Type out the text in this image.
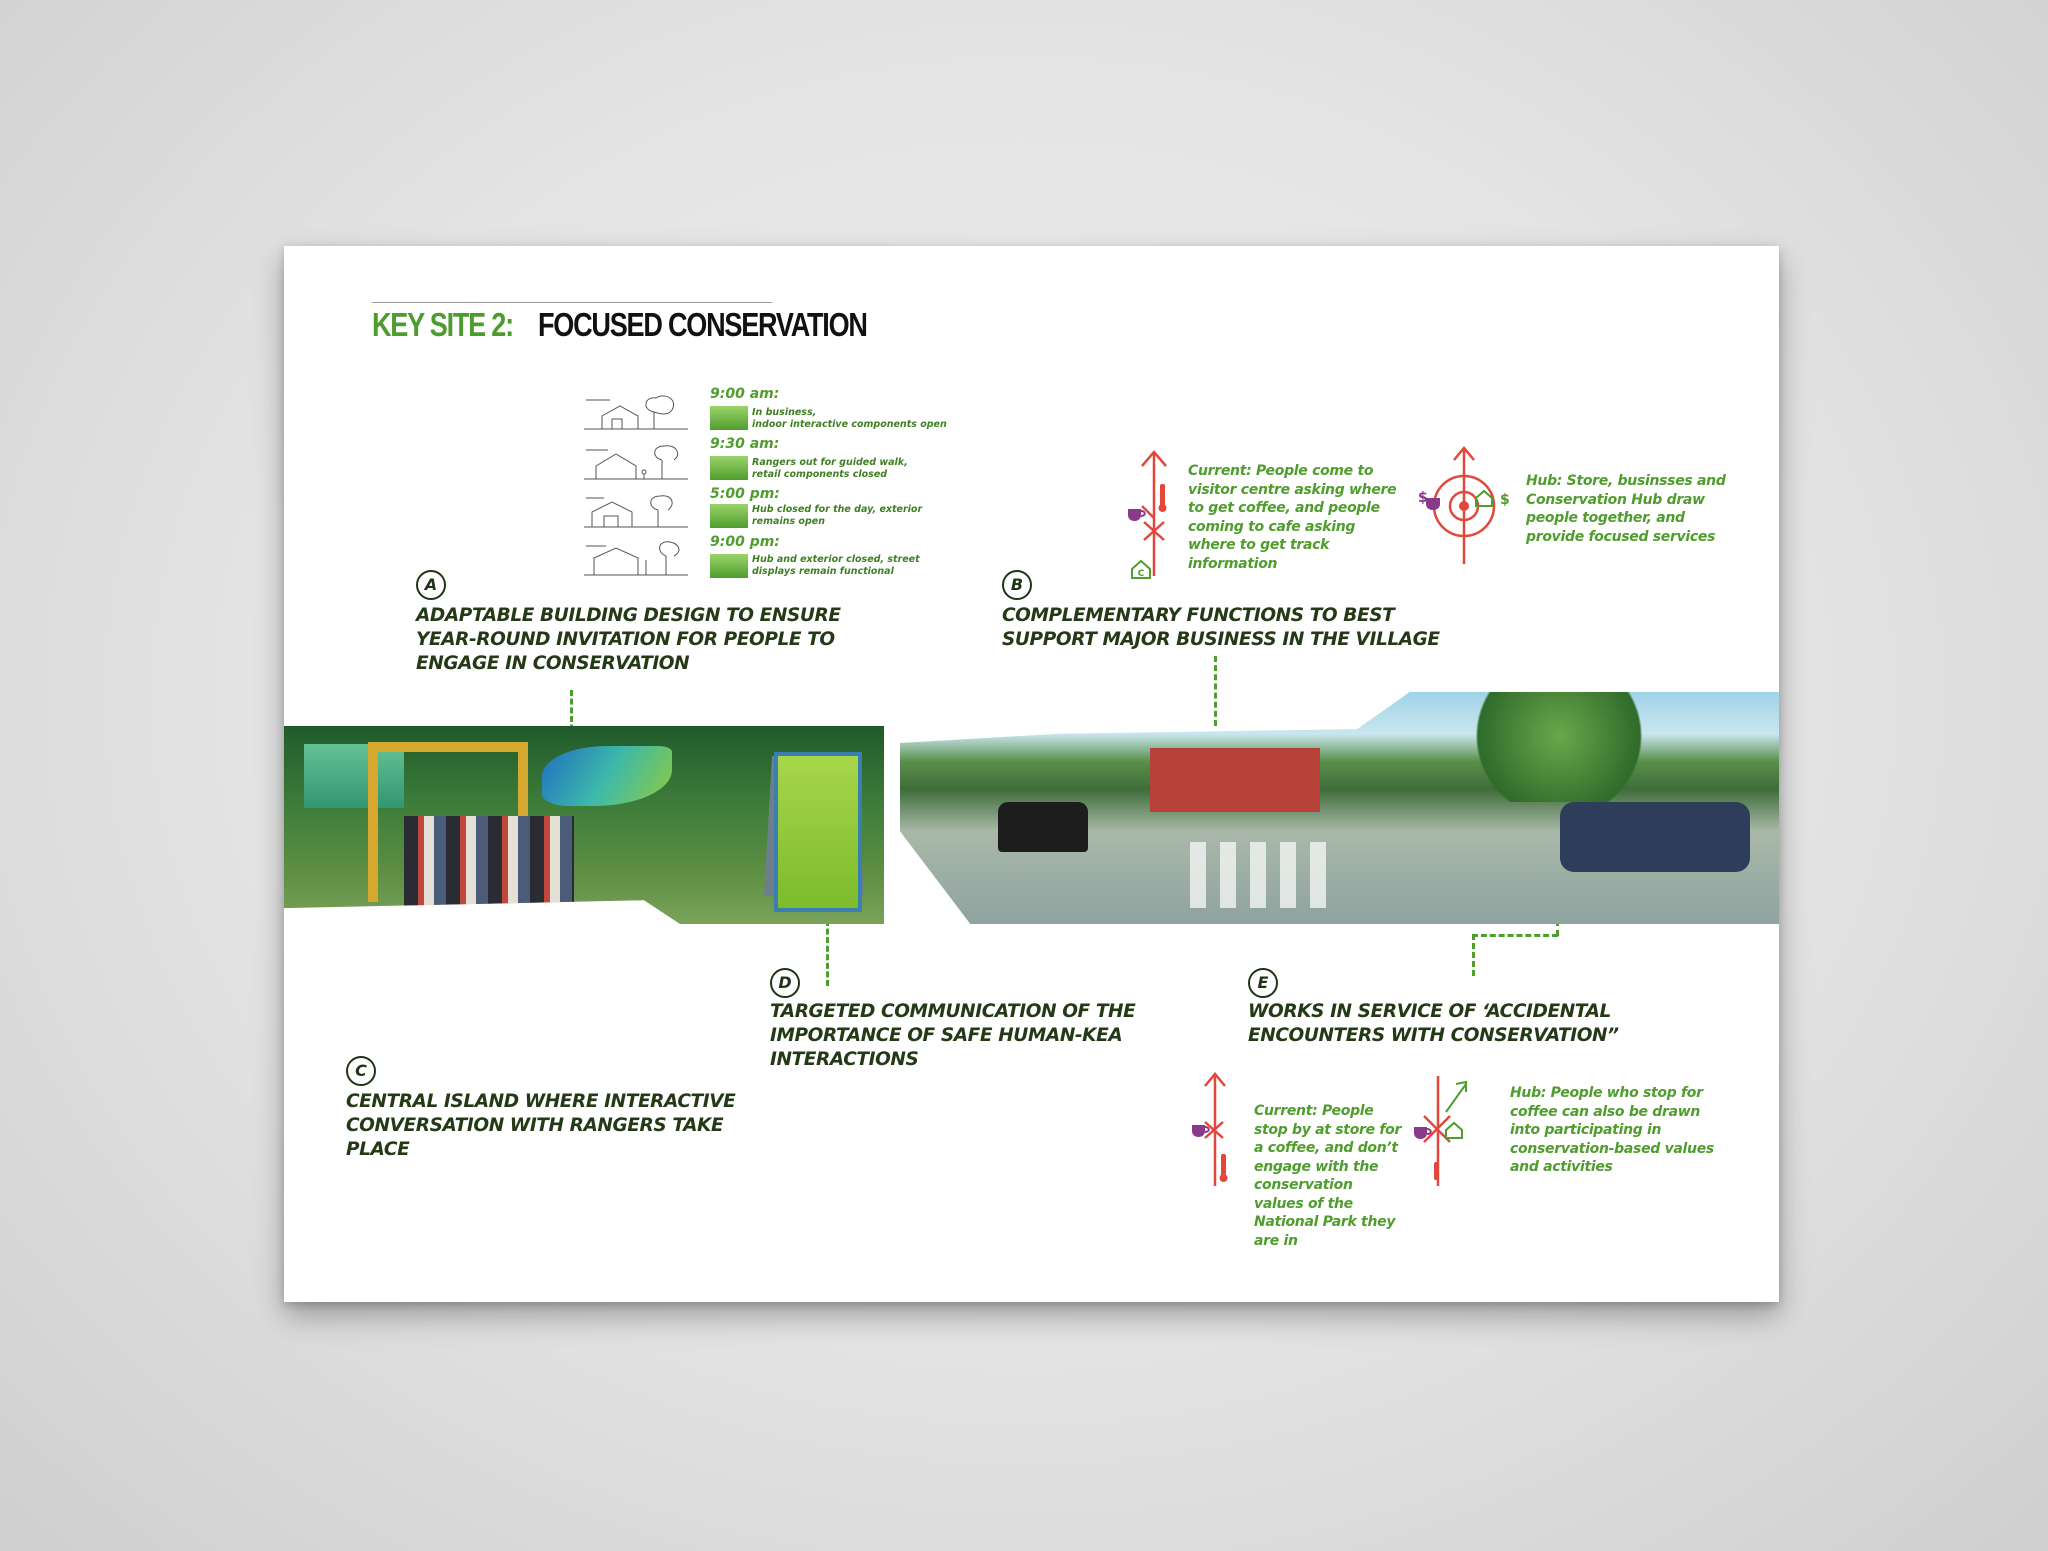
KEY SITE 2: FOCUSED CONSERVATION
9:00 am:
In business,
indoor interactive components open
9:30 am:
Rangers out for guided walk,
retail components closed
5:00 pm:
Hub closed for the day, exterior
remains open
9:00 pm:
Hub and exterior closed, street
displays remain functional
A
ADAPTABLE BUILDING DESIGN TO ENSURE YEAR-ROUND INVITATION FOR PEOPLE TO ENGAGE IN CONSERVATION
B
COMPLEMENTARY FUNCTIONS TO BEST SUPPORT MAJOR BUSINESS IN THE VILLAGE
C
Current: People come to visitor centre asking where to get coffee, and people coming to cafe asking where to get track information
$	$
Hub: Store, businsses and Conservation Hub draw people together, and provide focused services
C
CENTRAL ISLAND WHERE INTERACTIVE CONVERSATION WITH RANGERS TAKE PLACE
D
TARGETED COMMUNICATION OF THE IMPORTANCE OF SAFE HUMAN-KEA INTERACTIONS
E
WORKS IN SERVICE OF ‘ACCIDENTAL ENCOUNTERS WITH CONSERVATION”
Current: People stop by at store for a coffee, and don’t engage with the conservation values of the National Park they are in
Hub: People who stop for coffee can also be drawn into participating in conservation-based values and activities
